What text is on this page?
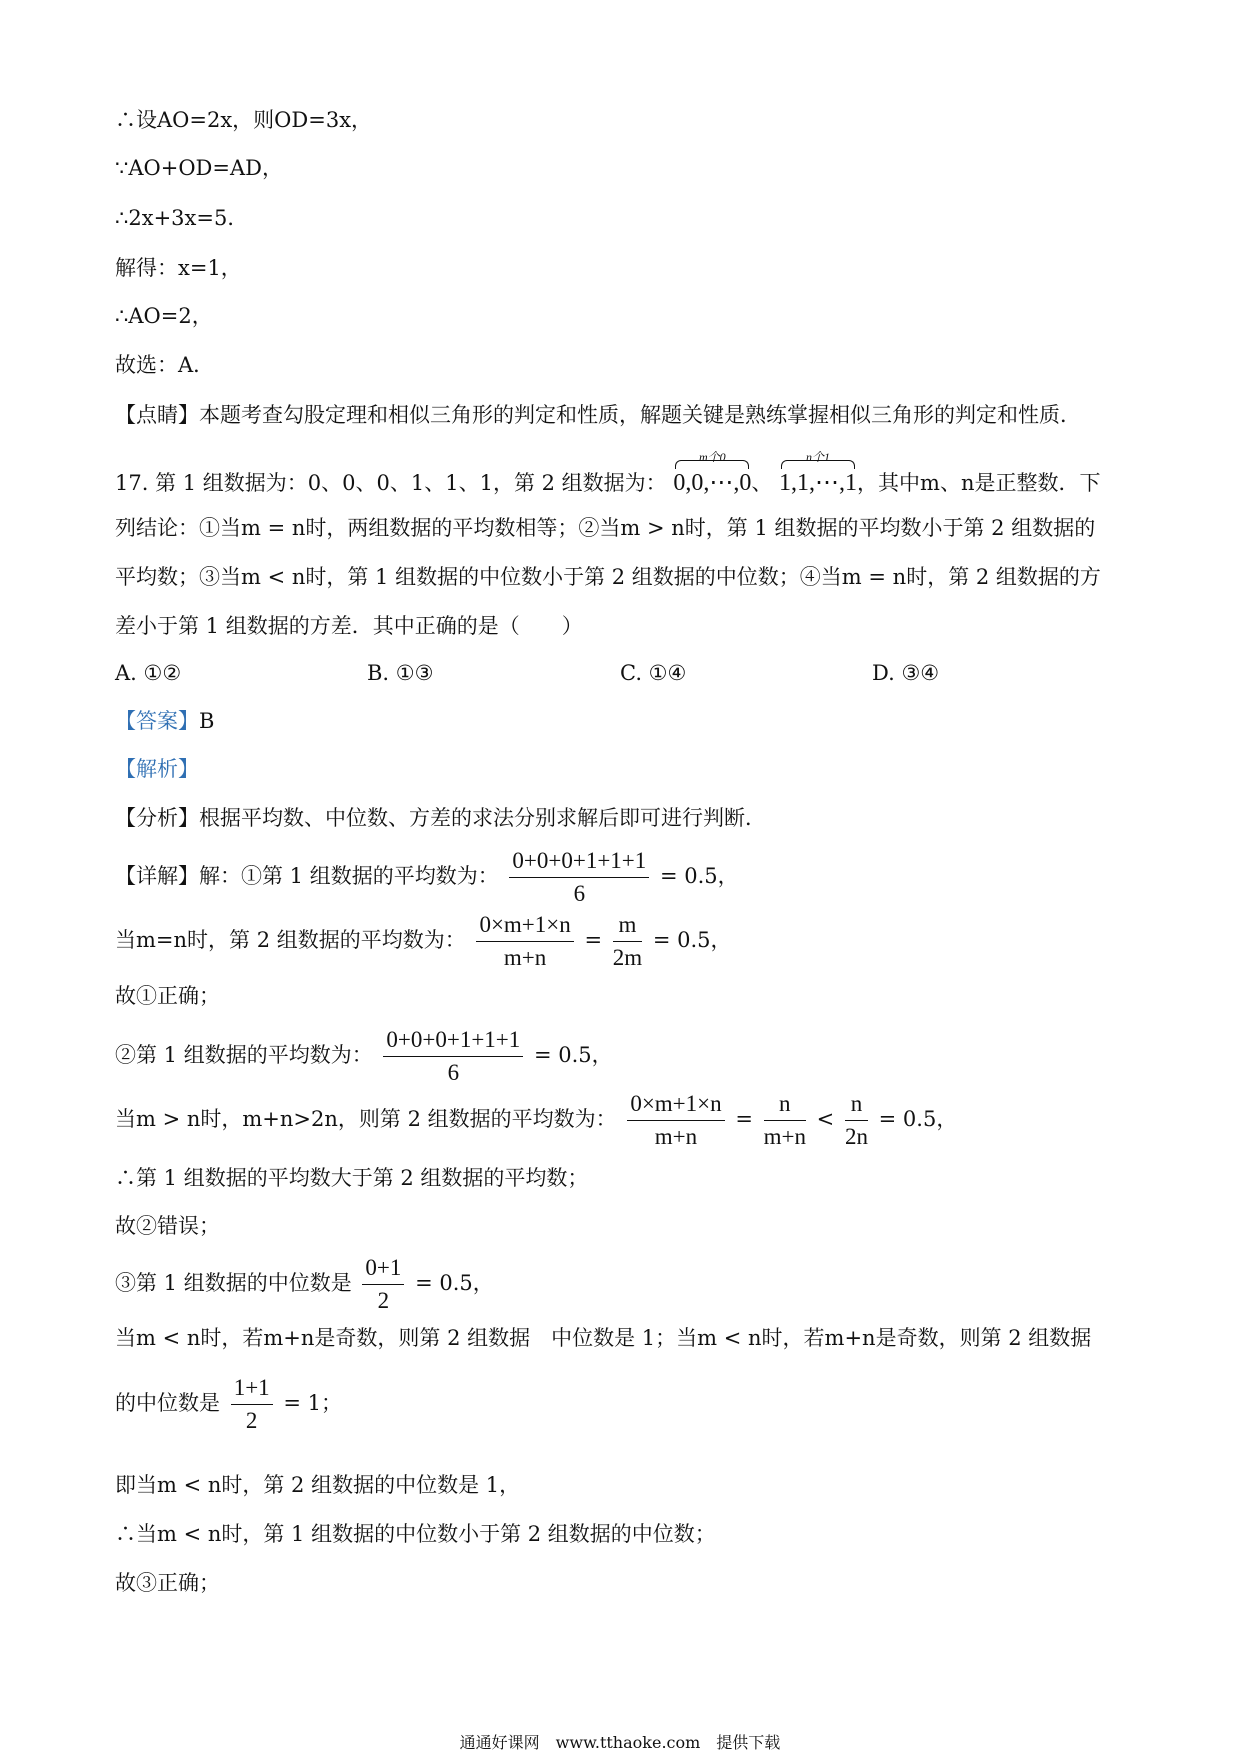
∴设AO=2x，则OD=3x，
∵AO+OD=AD，
∴2x+3x=5．
解得：x=1，
∴AO=2，
故选：A．
【点睛】本题考查勾股定理和相似三角形的判定和性质，解题关键是熟练掌握相似三角形的判定和性质．
17. 第 1 组数据为：0、0、0、1、1、1，第 2 组数据为：
m个0
0,0,⋯,0、
n个1
1,1,⋯,1，其中m、n是正整数．下
列结论：①当m = n时，两组数据的平均数相等；②当m > n时，第 1 组数据的平均数小于第 2 组数据的
平均数；③当m < n时，第 1 组数据的中位数小于第 2 组数据的中位数；④当m = n时，第 2 组数据的方
差小于第 1 组数据的方差．其中正确的是（　　）
A. ①②	B. ①③	C. ①④	D. ③④
【答案】B
【解析】
【分析】根据平均数、中位数、方差的求法分别求解后即可进行判断．
【详解】解：①第 1 组数据的平均数为： $\frac{0+0+0+1+1+1}{6} = 0.5$，
当m=n时，第 2 组数据的平均数为： $\frac{0\times m+1\times n}{m+n} = \frac{m}{2m} = 0.5$，
故①正确；
②第 1 组数据的平均数为： $\frac{0+0+0+1+1+1}{6} = 0.5$，
当m > n时，m+n>2n，则第 2 组数据的平均数为： $\frac{0\times m+1\times n}{m+n} = \frac{n}{m+n} < \frac{n}{2n} = 0.5$，
∴第 1 组数据的平均数大于第 2 组数据的平均数；
故②错误；
③第 1 组数据的中位数是 $\frac{0+1}{2} = 0.5$，
当m < n时，若m+n是奇数，则第 2 组数据　中位数是 1；当m < n时，若m+n是奇数，则第 2 组数据
的中位数是 $\frac{1+1}{2} = 1$；
即当m < n时，第 2 组数据的中位数是 1，
∴当m < n时，第 1 组数据的中位数小于第 2 组数据的中位数；
故③正确；
通通好课网　www.tthaoke.com　提供下载
